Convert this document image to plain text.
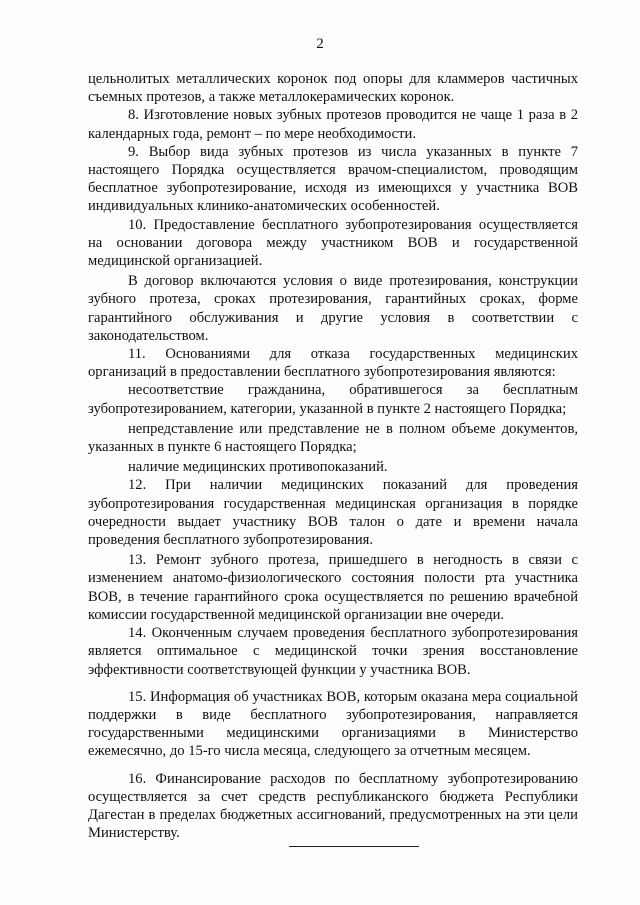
2

цельнолитых металлических коронок под опоры для кламмеров частичных съемных протезов, а также металлокерамических коронок.

8. Изготовление новых зубных протезов проводится не чаще 1 раза в 2 календарных года, ремонт – по мере необходимости.

9. Выбор вида зубных протезов из числа указанных в пункте 7 настоящего Порядка осуществляется врачом-специалистом, проводящим бесплатное зубопротезирование, исходя из имеющихся у участника ВОВ индивидуальных клинико-анатомических особенностей.

10. Предоставление бесплатного зубопротезирования осуществляется на основании договора между участником ВОВ и государственной медицинской организацией.

В договор включаются условия о виде протезирования, конструкции зубного протеза, сроках протезирования, гарантийных сроках, форме гарантийного обслуживания и другие условия в соответствии с законодательством.

11. Основаниями для отказа государственных медицинских организаций в предоставлении бесплатного зубопротезирования являются:

несоответствие гражданина, обратившегося за бесплатным зубопротезированием, категории, указанной в пункте 2 настоящего Порядка;

непредставление или представление не в полном объеме документов, указанных в пункте 6 настоящего Порядка;

наличие медицинских противопоказаний.

12. При наличии медицинских показаний для проведения зубопротезирования государственная медицинская организация в порядке очередности выдает участнику ВОВ талон о дате и времени начала проведения бесплатного зубопротезирования.

13. Ремонт зубного протеза, пришедшего в негодность в связи с изменением анатомо-физиологического состояния полости рта участника ВОВ, в течение гарантийного срока осуществляется по решению врачебной комиссии государственной медицинской организации вне очереди.

14. Оконченным случаем проведения бесплатного зубопротезирования является оптимальное с медицинской точки зрения восстановление эффективности соответствующей функции у участника ВОВ.

15. Информация об участниках ВОВ, которым оказана мера социальной поддержки в виде бесплатного зубопротезирования, направляется государственными медицинскими организациями в Министерство ежемесячно, до 15-го числа месяца, следующего за отчетным месяцем.

16. Финансирование расходов по бесплатному зубопротезированию осуществляется за счет средств республиканского бюджета Республики Дагестан в пределах бюджетных ассигнований, предусмотренных на эти цели Министерству.
